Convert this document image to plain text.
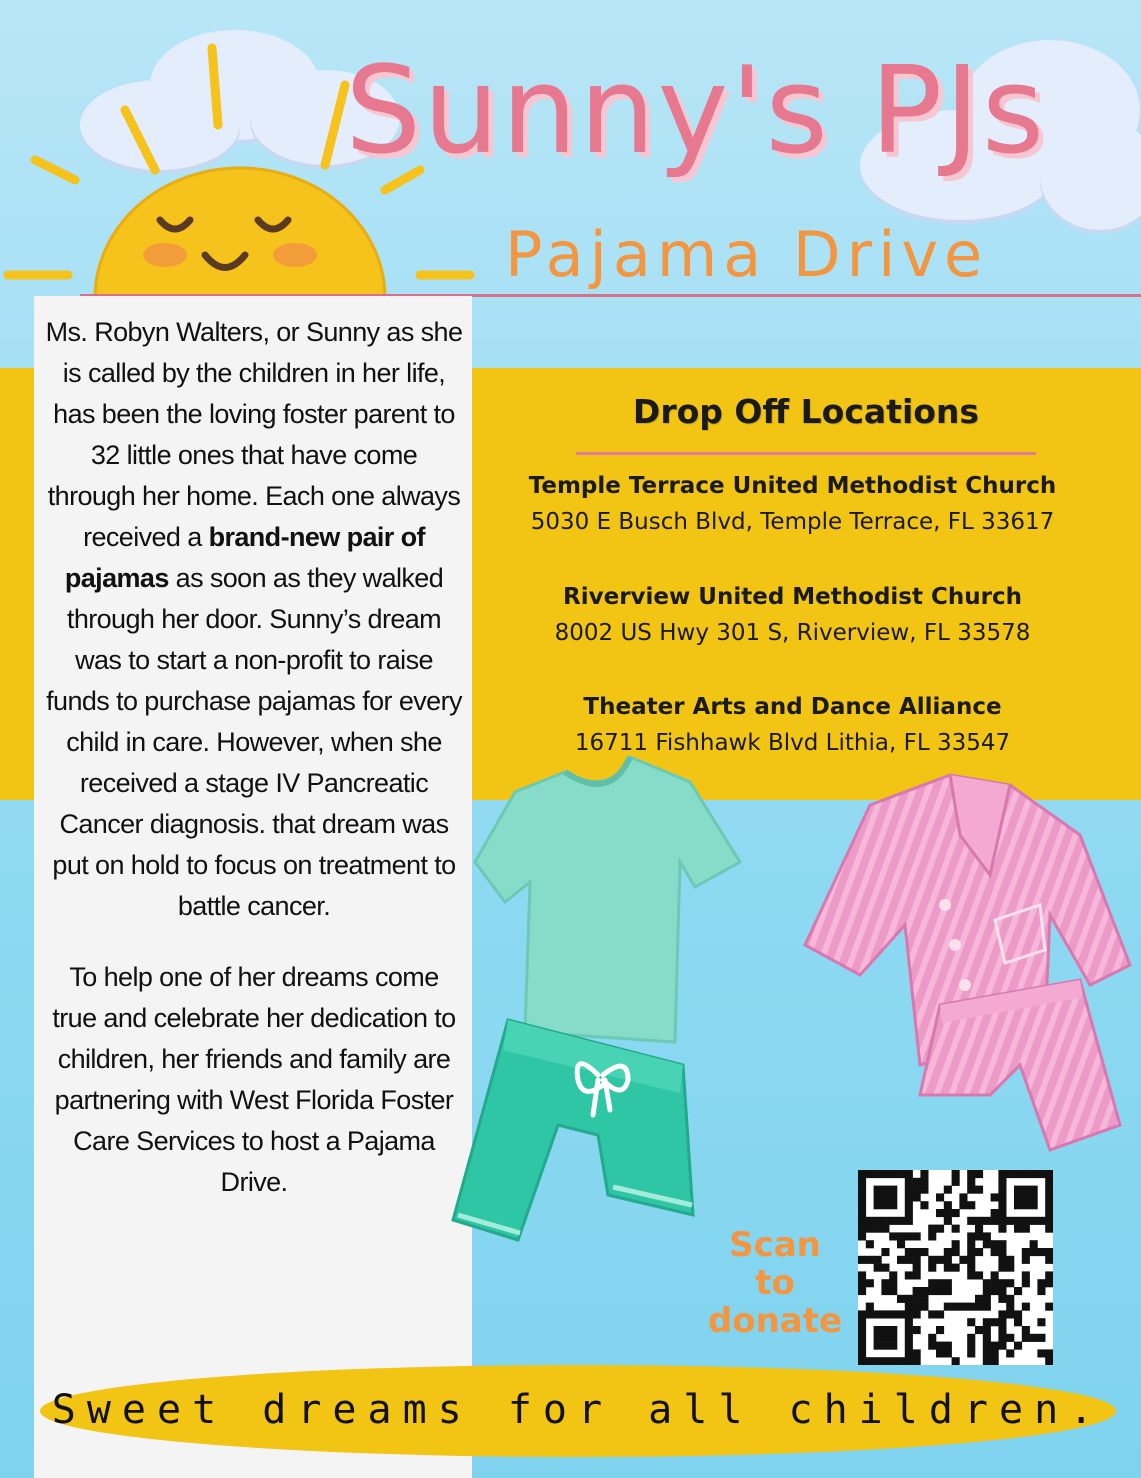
Sunny's PJs
Pajama Drive

Ms. Robyn Walters, or Sunny as she is called by the children in her life, has been the loving foster parent to 32 little ones that have come through her home. Each one always received a brand-new pair of pajamas as soon as they walked through her door. Sunny’s dream was to start a non-profit to raise funds to purchase pajamas for every child in care. However, when she received a stage IV Pancreatic Cancer diagnosis. that dream was put on hold to focus on treatment to battle cancer.

To help one of her dreams come true and celebrate her dedication to children, her friends and family are partnering with West Florida Foster Care Services to host a Pajama Drive.

Drop Off Locations
Temple Terrace United Methodist Church
5030 E Busch Blvd, Temple Terrace, FL 33617
Riverview United Methodist Church
8002 US Hwy 301 S, Riverview, FL 33578
Theater Arts and Dance Alliance
16711 Fishhawk Blvd Lithia, FL 33547
Scan
to
donate
Sweet dreams for all children.
